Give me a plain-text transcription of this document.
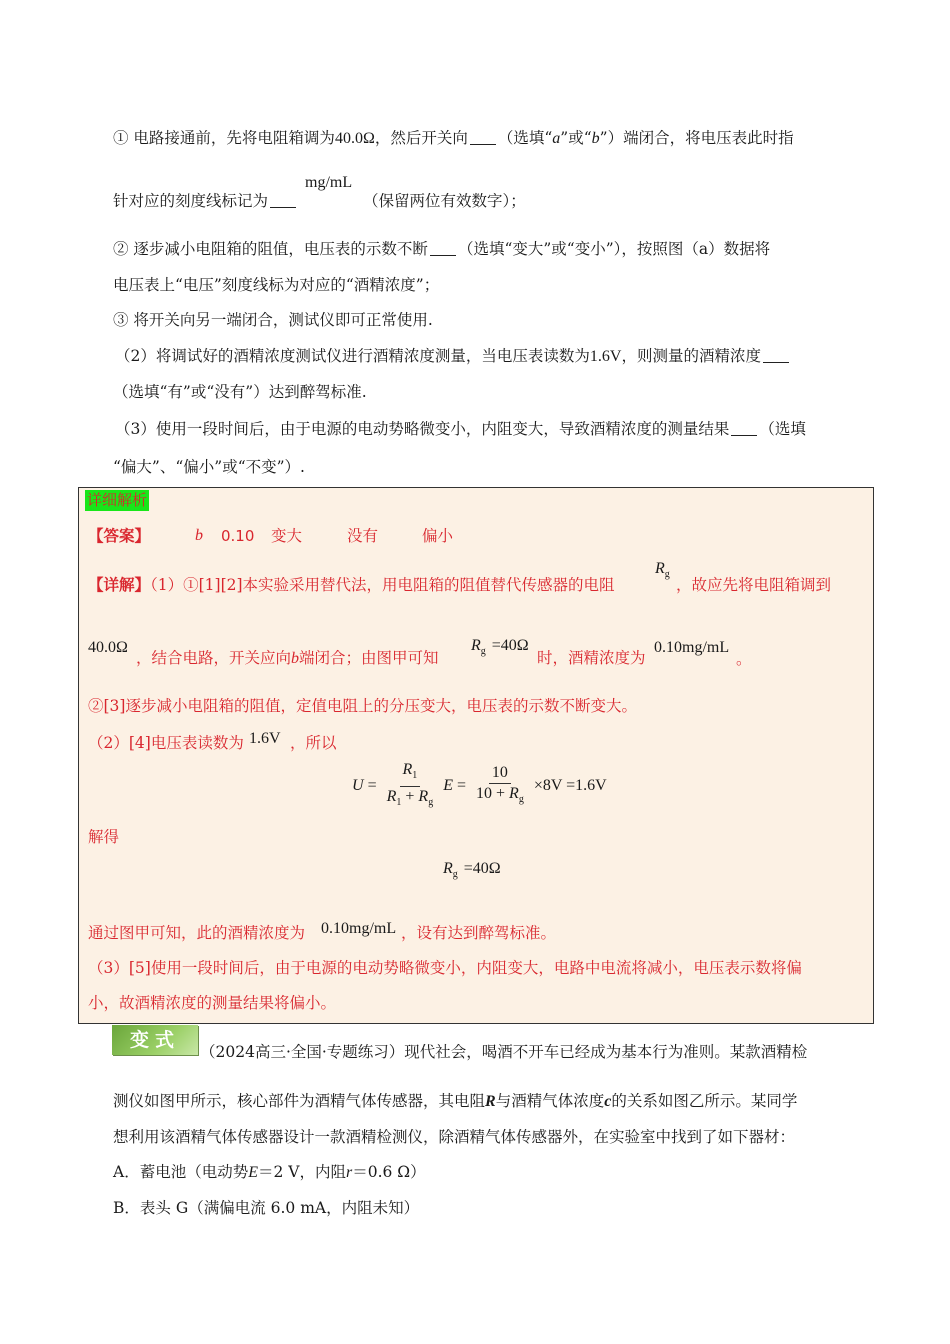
① 电路接通前，先将电阻箱调为40.0Ω，然后开关向 （选填“a”或“b”）端闭合，将电压表此时指
针对应的刻度线标记为
mg/mL
（保留两位有效数字）；
② 逐步减小电阻箱的阻值，电压表的示数不断 （选填“变大”或“变小”），按照图（a）数据将
电压表上“电压”刻度线标为对应的“酒精浓度”；
③ 将开关向另一端闭合，测试仪即可正常使用.
（2）将调试好的酒精浓度测试仪进行酒精浓度测量，当电压表读数为1.6V，则测量的酒精浓度
（选填“有”或“没有”）达到醉驾标准.
（3）使用一段时间后，由于电源的电动势略微变小，内阻变大，导致酒精浓度的测量结果 （选填
“偏大”、“偏小”或“不变”）.
详细解析
【答案】	b 0.10 变大	没有	偏小
【详解】（1）①[1][2]本实验采用替代法，用电阻箱的阻值替代传感器的电阻
$R_g$
，故应先将电阻箱调到
40.0Ω
，结合电路，开关应向b端闭合；由图甲可知
$R_g =40\Omega$
时，酒精浓度为
0.10mg/mL
。
②[3]逐步减小电阻箱的阻值，定值电阻上的分压变大，电压表的示数不断变大。
（2）[4]电压表读数为 1.6V ，所以
$U = \frac{R_1}{R_1 + R_g}$ $E = \frac{10}{10 + R_g} \times 8V =1.6V$
解得
$R_g =40\Omega$
通过图甲可知，此的酒精浓度为 0.10mg/mL ，设有达到醉驾标准。
（3）[5]使用一段时间后，由于电源的电动势略微变小，内阻变大，电路中电流将减小，电压表示数将偏
小，故酒精浓度的测量结果将偏小。
变式
（2024高三·全国·专题练习）现代社会，喝酒不开车已经成为基本行为准则。某款酒精检
测仪如图甲所示，核心部件为酒精气体传感器，其电阻R与酒精气体浓度c的关系如图乙所示。某同学
想利用该酒精气体传感器设计一款酒精检测仪，除酒精气体传感器外，在实验室中找到了如下器材：
A．蓄电池（电动势E＝2 V，内阻r＝0.6 Ω）
B．表头 G（满偏电流 6.0 mA，内阻未知）
